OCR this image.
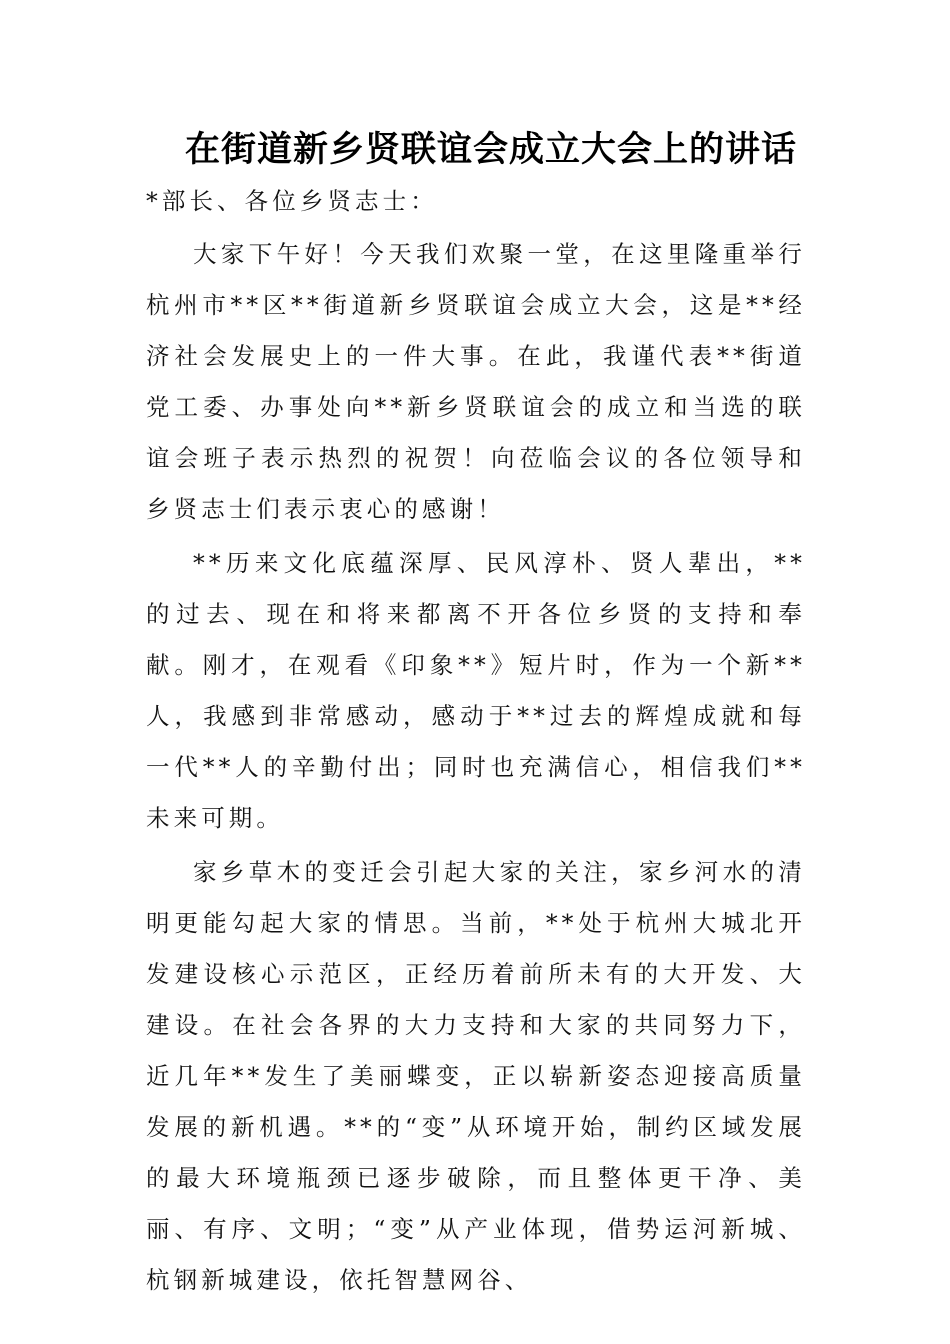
在街道新乡贤联谊会成立大会上的讲话

*部长、各位乡贤志士：

大家下午好！今天我们欢聚一堂，在这里隆重举行杭州市**区**街道新乡贤联谊会成立大会，这是**经济社会发展史上的一件大事。在此，我谨代表**街道党工委、办事处向**新乡贤联谊会的成立和当选的联谊会班子表示热烈的祝贺！向莅临会议的各位领导和乡贤志士们表示衷心的感谢！

**历来文化底蕴深厚、民风淳朴、贤人辈出，**的过去、现在和将来都离不开各位乡贤的支持和奉献。刚才，在观看《印象**》短片时，作为一个新**人，我感到非常感动，感动于**过去的辉煌成就和每一代**人的辛勤付出；同时也充满信心，相信我们**未来可期。

家乡草木的变迁会引起大家的关注，家乡河水的清明更能勾起大家的情思。当前，**处于杭州大城北开发建设核心示范区，正经历着前所未有的大开发、大建设。在社会各界的大力支持和大家的共同努力下，近几年**发生了美丽蝶变，正以崭新姿态迎接高质量发展的新机遇。**的“变”从环境开始，制约区域发展的最大环境瓶颈已逐步破除，而且整体更干净、美丽、有序、文明；“变”从产业体现，借势运河新城、杭钢新城建设，依托智慧网谷、
